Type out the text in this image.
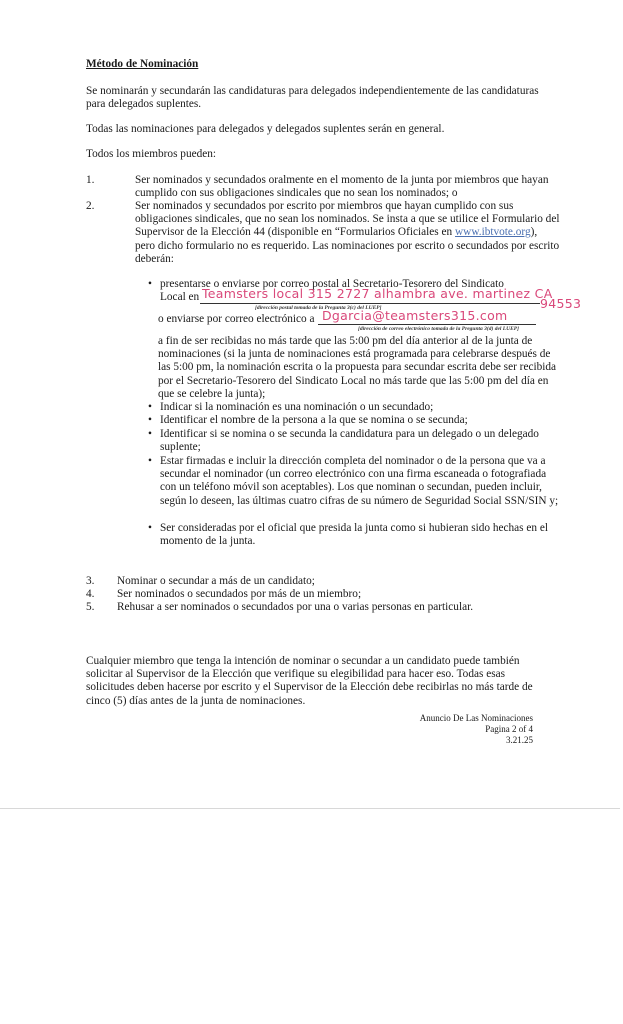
Método de Nominación
Se nominarán y secundarán las candidaturas para delegados independientemente de las candidaturas para delegados suplentes.
Todas las nominaciones para delegados y delegados suplentes serán en general.
Todos los miembros pueden:
1.	Ser nominados y secundados oralmente en el momento de la junta por miembros que hayan cumplido con sus obligaciones sindicales que no sean los nominados; o
2.	Ser nominados y secundados por escrito por miembros que hayan cumplido con sus obligaciones sindicales, que no sean los nominados. Se insta a que se utilice el Formulario del Supervisor de la Elección 44 (disponible en “Formularios Oficiales en www.ibtvote.org), pero dicho formulario no es requerido. Las nominaciones por escrito o secundados por escrito deberán:
• presentarse o enviarse por correo postal al Secretario-Tesorero del Sindicato
Local en Teamsters local 315 2727 alhambra ave. martinez CA
94553
[dirección postal tomada de la Pregunta 3(c) del LUEP]
o enviarse por correo electrónico a Dgarcia@teamsters315.com
[dirección de correo electrónico tomada de la Pregunta 3(d) del LUEP]
a fin de ser recibidas no más tarde que las 5:00 pm del día anterior al de la junta de nominaciones (si la junta de nominaciones está programada para celebrarse después de las 5:00 pm, la nominación escrita o la propuesta para secundar escrita debe ser recibida por el Secretario-Tesorero del Sindicato Local no más tarde que las 5:00 pm del día en que se celebre la junta);
• Indicar si la nominación es una nominación o un secundado;
• Identificar el nombre de la persona a la que se nomina o se secunda;
• Identificar si se nomina o se secunda la candidatura para un delegado o un delegado suplente;
• Estar firmadas e incluir la dirección completa del nominador o de la persona que va a secundar el nominador (un correo electrónico con una firma escaneada o fotografiada con un teléfono móvil son aceptables). Los que nominan o secundan, pueden incluir, según lo deseen, las últimas cuatro cifras de su número de Seguridad Social SSN/SIN y;
• Ser consideradas por el oficial que presida la junta como si hubieran sido hechas en el momento de la junta.
3. Nominar o secundar a más de un candidato;
4. Ser nominados o secundados por más de un miembro;
5. Rehusar a ser nominados o secundados por una o varias personas en particular.
Cualquier miembro que tenga la intención de nominar o secundar a un candidato puede también solicitar al Supervisor de la Elección que verifique su elegibilidad para hacer eso. Todas esas solicitudes deben hacerse por escrito y el Supervisor de la Elección debe recibirlas no más tarde de cinco (5) días antes de la junta de nominaciones.
Anuncio De Las Nominaciones
Pagina 2 of 4
3.21.25
